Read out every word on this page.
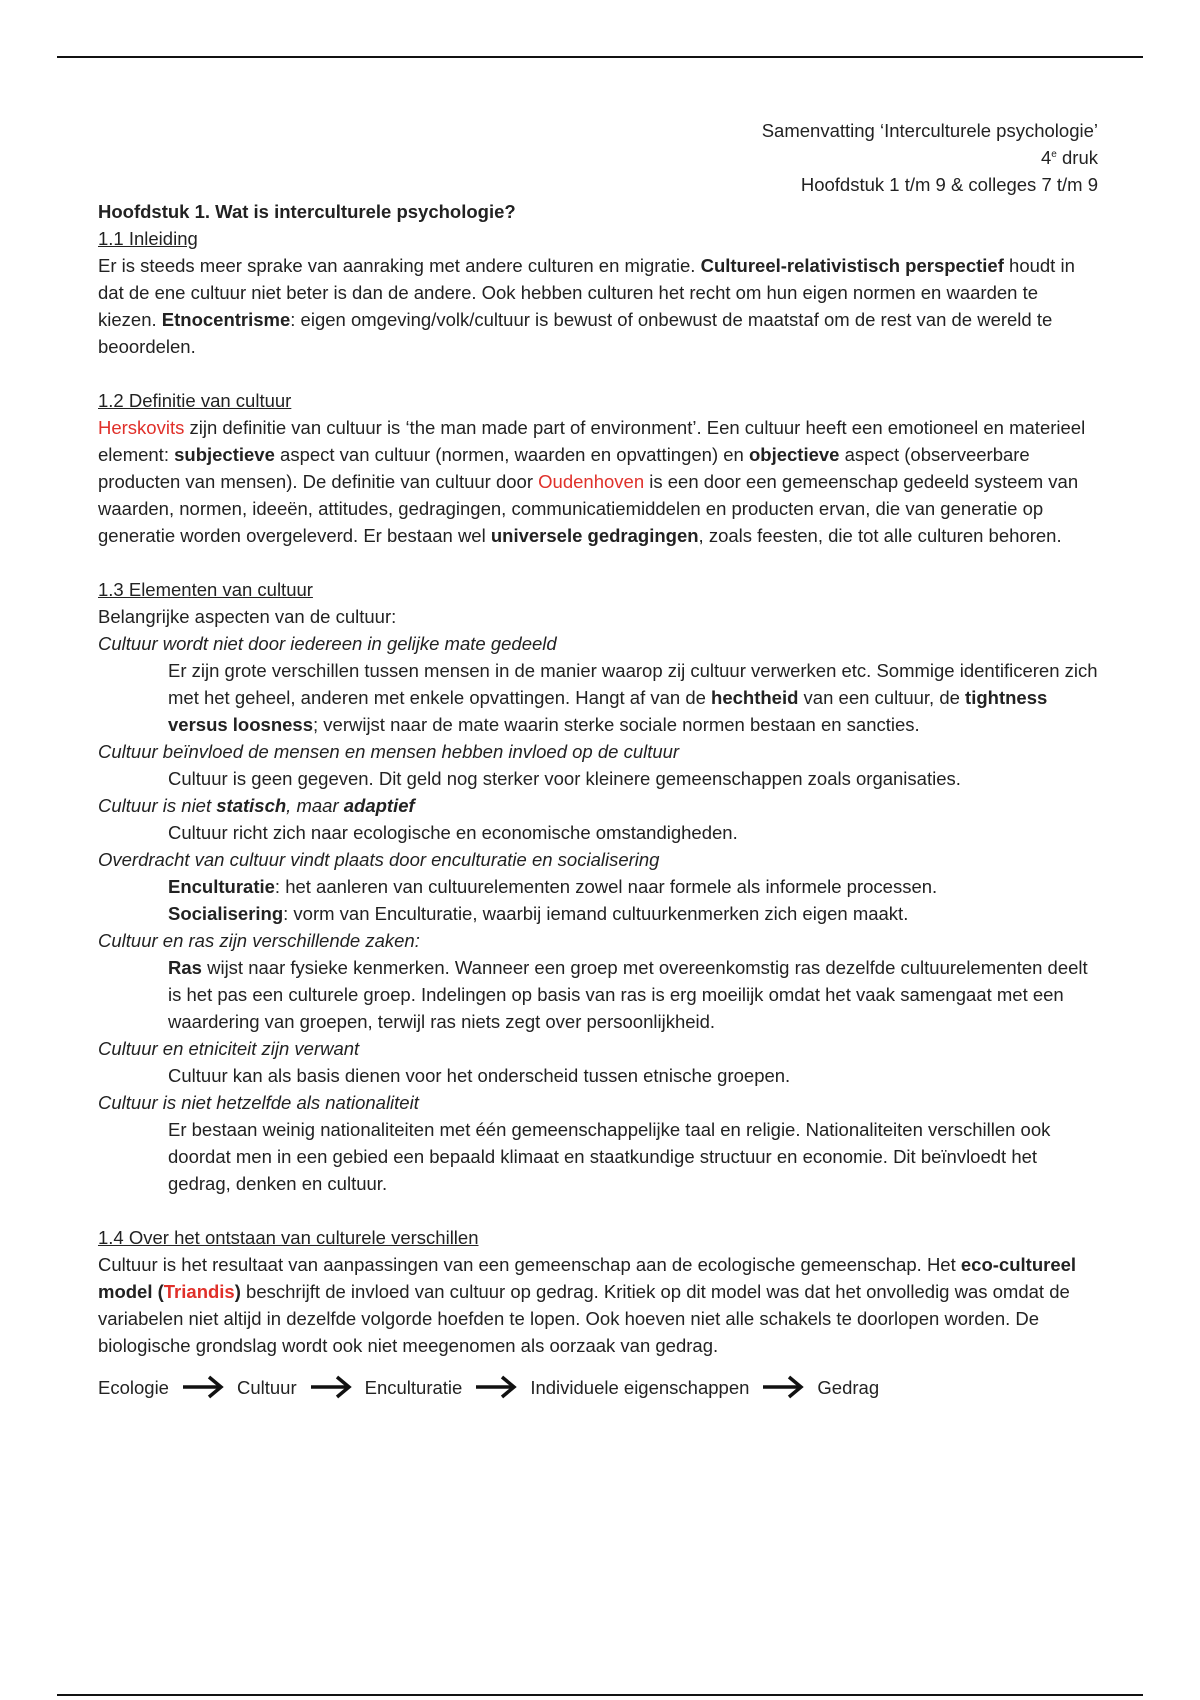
Samenvatting ‘Interculturele psychologie’
4e druk
Hoofdstuk 1 t/m 9 & colleges 7 t/m 9
Hoofdstuk 1. Wat is interculturele psychologie?
1.1 Inleiding

Er is steeds meer sprake van aanraking met andere culturen en migratie. Cultureel-relativistisch perspectief houdt in dat de ene cultuur niet beter is dan de andere. Ook hebben culturen het recht om hun eigen normen en waarden te kiezen. Etnocentrisme: eigen omgeving/volk/cultuur is bewust of onbewust de maatstaf om de rest van de wereld te beoordelen.

1.2 Definitie van cultuur

Herskovits zijn definitie van cultuur is ‘the man made part of environment’. Een cultuur heeft een emotioneel en materieel element: subjectieve aspect van cultuur (normen, waarden en opvattingen) en objectieve aspect (observeerbare producten van mensen). De definitie van cultuur door Oudenhoven is een door een gemeenschap gedeeld systeem van waarden, normen, ideeën, attitudes, gedragingen, communicatiemiddelen en producten ervan, die van generatie op generatie worden overgeleverd. Er bestaan wel universele gedragingen, zoals feesten, die tot alle culturen behoren.

1.3 Elementen van cultuur

Belangrijke aspecten van de cultuur:

Cultuur wordt niet door iedereen in gelijke mate gedeeld

Er zijn grote verschillen tussen mensen in de manier waarop zij cultuur verwerken etc. Sommige identificeren zich met het geheel, anderen met enkele opvattingen. Hangt af van de hechtheid van een cultuur, de tightness versus loosness; verwijst naar de mate waarin sterke sociale normen bestaan en sancties.

Cultuur beïnvloed de mensen en mensen hebben invloed op de cultuur

Cultuur is geen gegeven. Dit geld nog sterker voor kleinere gemeenschappen zoals organisaties.

Cultuur is niet statisch, maar adaptief

Cultuur richt zich naar ecologische en economische omstandigheden.

Overdracht van cultuur vindt plaats door enculturatie en socialisering

Enculturatie: het aanleren van cultuurelementen zowel naar formele als informele processen.

Socialisering: vorm van Enculturatie, waarbij iemand cultuurkenmerken zich eigen maakt.

Cultuur en ras zijn verschillende zaken:

Ras wijst naar fysieke kenmerken. Wanneer een groep met overeenkomstig ras dezelfde cultuurelementen deelt is het pas een culturele groep. Indelingen op basis van ras is erg moeilijk omdat het vaak samengaat met een waardering van groepen, terwijl ras niets zegt over persoonlijkheid.

Cultuur en etniciteit zijn verwant

Cultuur kan als basis dienen voor het onderscheid tussen etnische groepen.

Cultuur is niet hetzelfde als nationaliteit

Er bestaan weinig nationaliteiten met één gemeenschappelijke taal en religie. Nationaliteiten verschillen ook doordat men in een gebied een bepaald klimaat en staatkundige structuur en economie. Dit beïnvloedt het gedrag, denken en cultuur.

1.4 Over het ontstaan van culturele verschillen

Cultuur is het resultaat van aanpassingen van een gemeenschap aan de ecologische gemeenschap. Het eco-cultureel model (Triandis) beschrijft de invloed van cultuur op gedrag. Kritiek op dit model was dat het onvolledig was omdat de variabelen niet altijd in dezelfde volgorde hoefden te lopen. Ook hoeven niet alle schakels te doorlopen worden. De biologische grondslag wordt ook niet meegenomen als oorzaak van gedrag.

Ecologie	Cultuur	Enculturatie	Individuele eigenschappen	Gedrag
